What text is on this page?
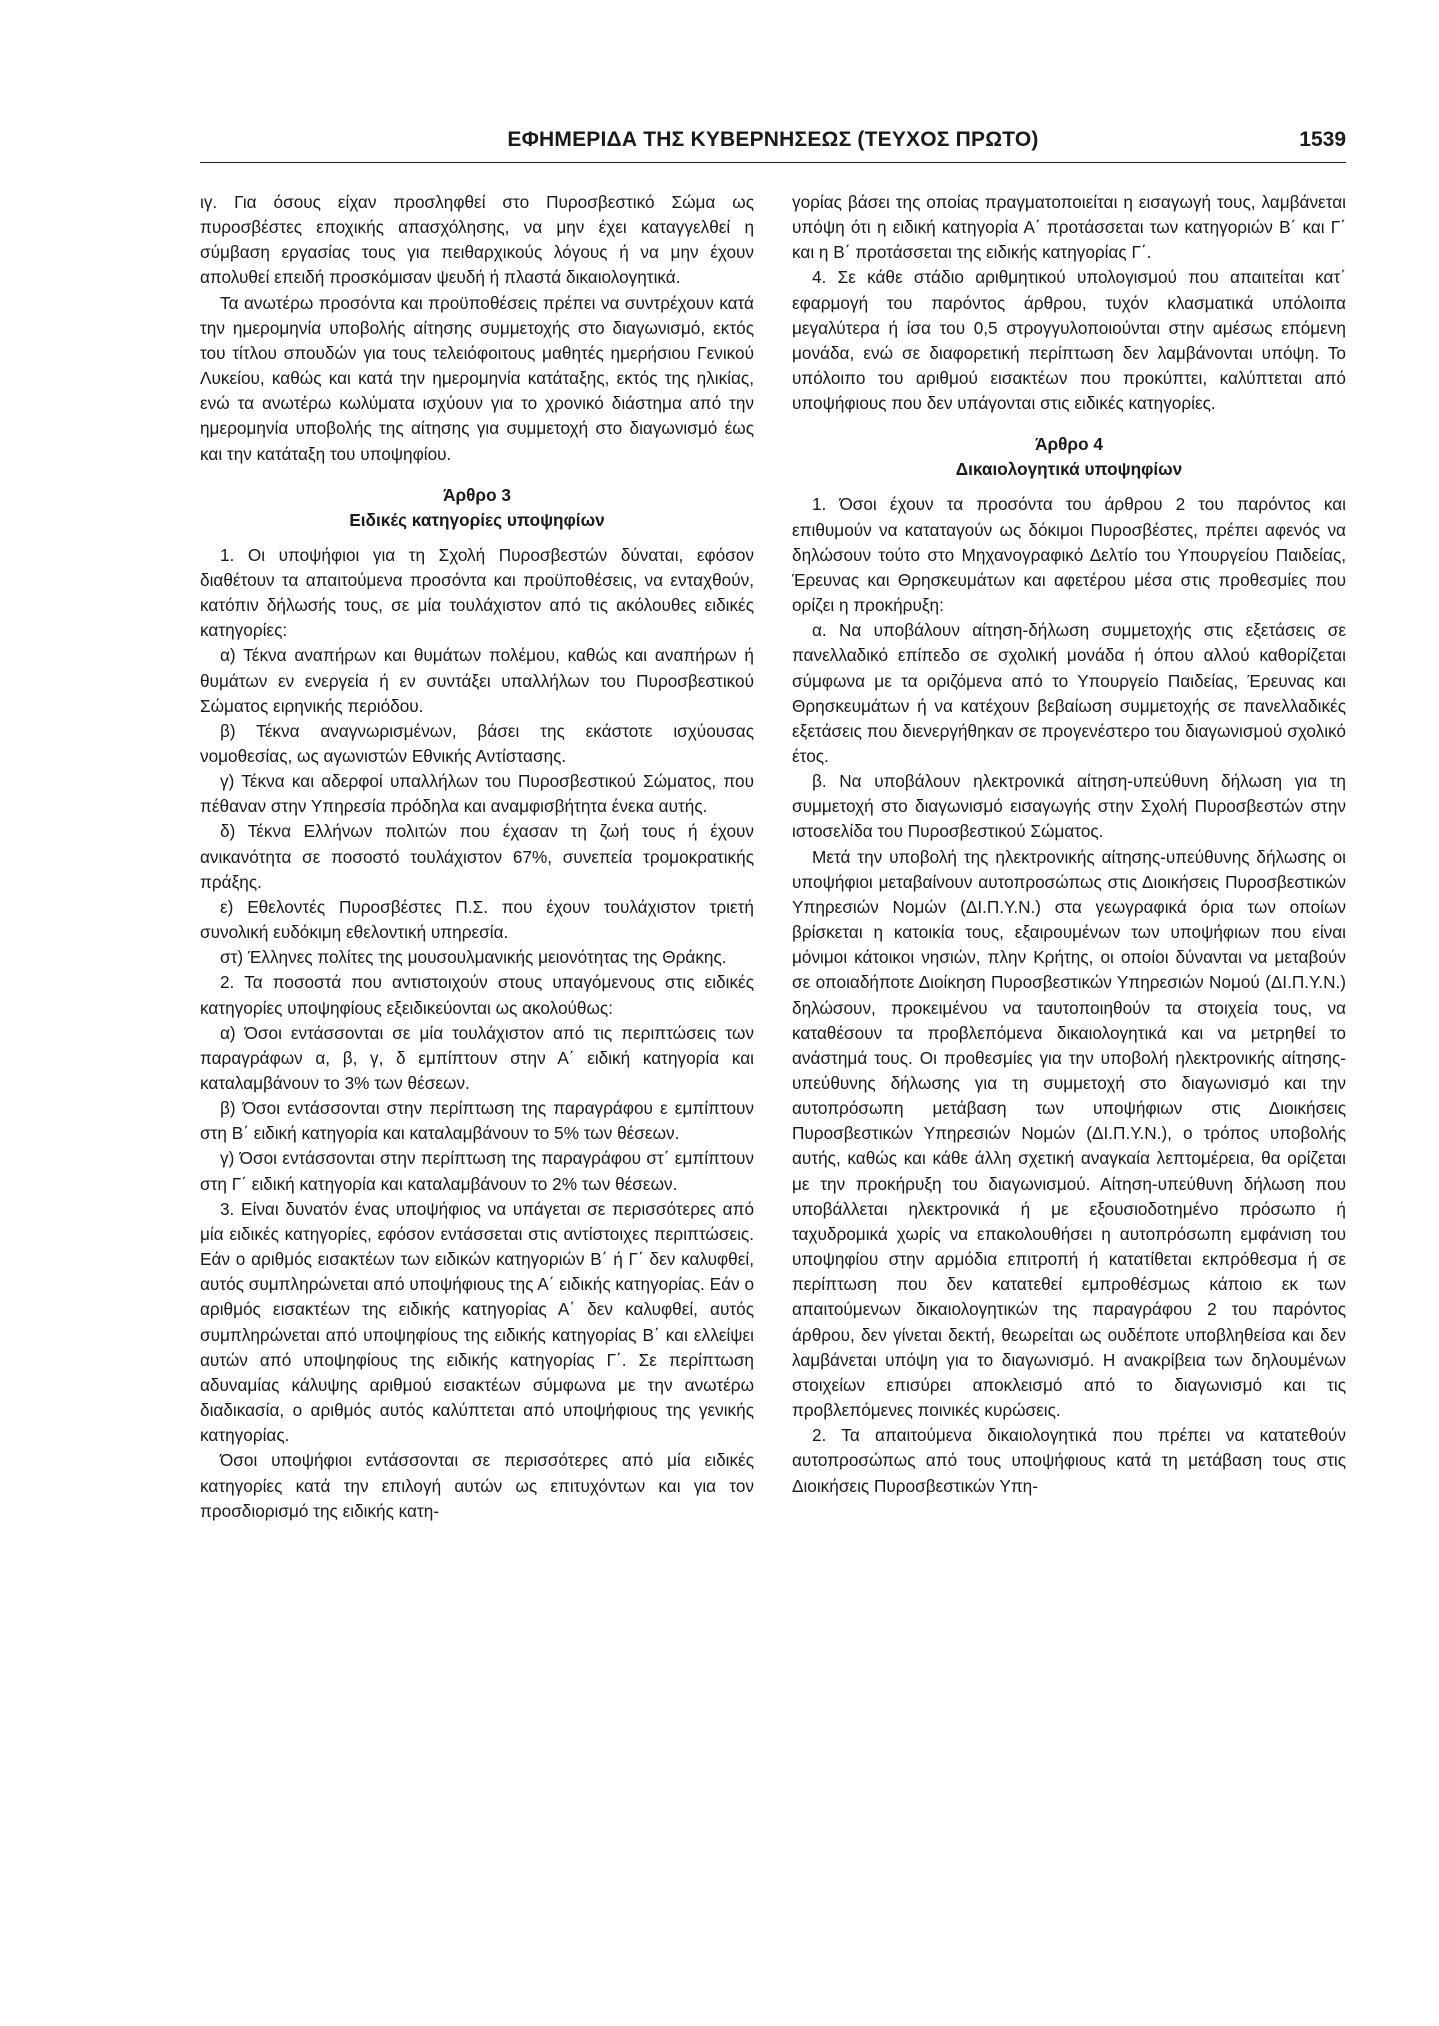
ΕΦΗΜΕΡΙΔΑ ΤΗΣ ΚΥΒΕΡΝΗΣΕΩΣ (ΤΕΥΧΟΣ ΠΡΩΤΟ)	1539

ιγ. Για όσους είχαν προσληφθεί στο Πυροσβεστικό Σώμα ως πυροσβέστες εποχικής απασχόλησης, να μην έχει καταγγελθεί η σύμβαση εργασίας τους για πειθαρχικούς λόγους ή να μην έχουν απολυθεί επειδή προσκόμισαν ψευδή ή πλαστά δικαιολογητικά.

Τα ανωτέρω προσόντα και προϋποθέσεις πρέπει να συντρέχουν κατά την ημερομηνία υποβολής αίτησης συμμετοχής στο διαγωνισμό, εκτός του τίτλου σπουδών για τους τελειόφοιτους μαθητές ημερήσιου Γενικού Λυκείου, καθώς και κατά την ημερομηνία κατάταξης, εκτός της ηλικίας, ενώ τα ανωτέρω κωλύματα ισχύουν για το χρονικό διάστημα από την ημερομηνία υποβολής της αίτησης για συμμετοχή στο διαγωνισμό έως και την κατάταξη του υποψηφίου.

Άρθρο 3
Ειδικές κατηγορίες υποψηφίων

1. Οι υποψήφιοι για τη Σχολή Πυροσβεστών δύναται, εφόσον διαθέτουν τα απαιτούμενα προσόντα και προϋποθέσεις, να ενταχθούν, κατόπιν δήλωσής τους, σε μία τουλάχιστον από τις ακόλουθες ειδικές κατηγορίες:

α) Τέκνα αναπήρων και θυμάτων πολέμου, καθώς και αναπήρων ή θυμάτων εν ενεργεία ή εν συντάξει υπαλλήλων του Πυροσβεστικού Σώματος ειρηνικής περιόδου.

β) Τέκνα αναγνωρισμένων, βάσει της εκάστοτε ισχύουσας νομοθεσίας, ως αγωνιστών Εθνικής Αντίστασης.

γ) Τέκνα και αδερφοί υπαλλήλων του Πυροσβεστικού Σώματος, που πέθαναν στην Υπηρεσία πρόδηλα και αναμφισβήτητα ένεκα αυτής.

δ) Τέκνα Ελλήνων πολιτών που έχασαν τη ζωή τους ή έχουν ανικανότητα σε ποσοστό τουλάχιστον 67%, συνεπεία τρομοκρατικής πράξης.

ε) Εθελοντές Πυροσβέστες Π.Σ. που έχουν τουλάχιστον τριετή συνολική ευδόκιμη εθελοντική υπηρεσία.

στ) Έλληνες πολίτες της μουσουλμανικής μειονότητας της Θράκης.

2. Τα ποσοστά που αντιστοιχούν στους υπαγόμενους στις ειδικές κατηγορίες υποψηφίους εξειδικεύονται ως ακολούθως:

α) Όσοι εντάσσονται σε μία τουλάχιστον από τις περιπτώσεις των παραγράφων α, β, γ, δ εμπίπτουν στην Α΄ ειδική κατηγορία και καταλαμβάνουν το 3% των θέσεων.

β) Όσοι εντάσσονται στην περίπτωση της παραγράφου ε εμπίπτουν στη Β΄ ειδική κατηγορία και καταλαμβάνουν το 5% των θέσεων.

γ) Όσοι εντάσσονται στην περίπτωση της παραγράφου στ΄ εμπίπτουν στη Γ΄ ειδική κατηγορία και καταλαμβάνουν το 2% των θέσεων.

3. Είναι δυνατόν ένας υποψήφιος να υπάγεται σε περισσότερες από μία ειδικές κατηγορίες, εφόσον εντάσσεται στις αντίστοιχες περιπτώσεις. Εάν ο αριθμός εισακτέων των ειδικών κατηγοριών Β΄ ή Γ΄ δεν καλυφθεί, αυτός συμπληρώνεται από υποψήφιους της Α΄ ειδικής κατηγορίας. Εάν ο αριθμός εισακτέων της ειδικής κατηγορίας Α΄ δεν καλυφθεί, αυτός συμπληρώνεται από υποψηφίους της ειδικής κατηγορίας Β΄ και ελλείψει αυτών από υποψηφίους της ειδικής κατηγορίας Γ΄. Σε περίπτωση αδυναμίας κάλυψης αριθμού εισακτέων σύμφωνα με την ανωτέρω διαδικασία, ο αριθμός αυτός καλύπτεται από υποψήφιους της γενικής κατηγορίας.

Όσοι υποψήφιοι εντάσσονται σε περισσότερες από μία ειδικές κατηγορίες κατά την επιλογή αυτών ως επιτυχόντων και για τον προσδιορισμό της ειδικής κατη-

γορίας βάσει της οποίας πραγματοποιείται η εισαγωγή τους, λαμβάνεται υπόψη ότι η ειδική κατηγορία Α΄ προτάσσεται των κατηγοριών Β΄ και Γ΄ και η Β΄ προτάσσεται της ειδικής κατηγορίας Γ΄.

4. Σε κάθε στάδιο αριθμητικού υπολογισμού που απαιτείται κατ΄ εφαρμογή του παρόντος άρθρου, τυχόν κλασματικά υπόλοιπα μεγαλύτερα ή ίσα του 0,5 στρογγυλοποιούνται στην αμέσως επόμενη μονάδα, ενώ σε διαφορετική περίπτωση δεν λαμβάνονται υπόψη. Το υπόλοιπο του αριθμού εισακτέων που προκύπτει, καλύπτεται από υποψήφιους που δεν υπάγονται στις ειδικές κατηγορίες.

Άρθρο 4
Δικαιολογητικά υποψηφίων

1. Όσοι έχουν τα προσόντα του άρθρου 2 του παρόντος και επιθυμούν να καταταγούν ως δόκιμοι Πυροσβέστες, πρέπει αφενός να δηλώσουν τούτο στο Μηχανογραφικό Δελτίο του Υπουργείου Παιδείας, Έρευνας και Θρησκευμάτων και αφετέρου μέσα στις προθεσμίες που ορίζει η προκήρυξη:

α. Να υποβάλουν αίτηση-δήλωση συμμετοχής στις εξετάσεις σε πανελλαδικό επίπεδο σε σχολική μονάδα ή όπου αλλού καθορίζεται σύμφωνα με τα οριζόμενα από το Υπουργείο Παιδείας, Έρευνας και Θρησκευμάτων ή να κατέχουν βεβαίωση συμμετοχής σε πανελλαδικές εξετάσεις που διενεργήθηκαν σε προγενέστερο του διαγωνισμού σχολικό έτος.

β. Να υποβάλουν ηλεκτρονικά αίτηση-υπεύθυνη δήλωση για τη συμμετοχή στο διαγωνισμό εισαγωγής στην Σχολή Πυροσβεστών στην ιστοσελίδα του Πυροσβεστικού Σώματος.

Μετά την υποβολή της ηλεκτρονικής αίτησης-υπεύθυνης δήλωσης οι υποψήφιοι μεταβαίνουν αυτοπροσώπως στις Διοικήσεις Πυροσβεστικών Υπηρεσιών Νομών (ΔΙ.Π.Υ.Ν.) στα γεωγραφικά όρια των οποίων βρίσκεται η κατοικία τους, εξαιρουμένων των υποψήφιων που είναι μόνιμοι κάτοικοι νησιών, πλην Κρήτης, οι οποίοι δύνανται να μεταβούν σε οποιαδήποτε Διοίκηση Πυροσβεστικών Υπηρεσιών Νομού (ΔΙ.Π.Υ.Ν.) δηλώσουν, προκειμένου να ταυτοποιηθούν τα στοιχεία τους, να καταθέσουν τα προβλεπόμενα δικαιολογητικά και να μετρηθεί το ανάστημά τους. Οι προθεσμίες για την υποβολή ηλεκτρονικής αίτησης-υπεύθυνης δήλωσης για τη συμμετοχή στο διαγωνισμό και την αυτοπρόσωπη μετάβαση των υποψήφιων στις Διοικήσεις Πυροσβεστικών Υπηρεσιών Νομών (ΔΙ.Π.Υ.Ν.), ο τρόπος υποβολής αυτής, καθώς και κάθε άλλη σχετική αναγκαία λεπτομέρεια, θα ορίζεται με την προκήρυξη του διαγωνισμού. Αίτηση-υπεύθυνη δήλωση που υποβάλλεται ηλεκτρονικά ή με εξουσιοδοτημένο πρόσωπο ή ταχυδρομικά χωρίς να επακολουθήσει η αυτοπρόσωπη εμφάνιση του υποψηφίου στην αρμόδια επιτροπή ή κατατίθεται εκπρόθεσμα ή σε περίπτωση που δεν κατατεθεί εμπροθέσμως κάποιο εκ των απαιτούμενων δικαιολογητικών της παραγράφου 2 του παρόντος άρθρου, δεν γίνεται δεκτή, θεωρείται ως ουδέποτε υποβληθείσα και δεν λαμβάνεται υπόψη για το διαγωνισμό. Η ανακρίβεια των δηλουμένων στοιχείων επισύρει αποκλεισμό από το διαγωνισμό και τις προβλεπόμενες ποινικές κυρώσεις.

2. Τα απαιτούμενα δικαιολογητικά που πρέπει να κατατεθούν αυτοπροσώπως από τους υποψήφιους κατά τη μετάβαση τους στις Διοικήσεις Πυροσβεστικών Υπη-
